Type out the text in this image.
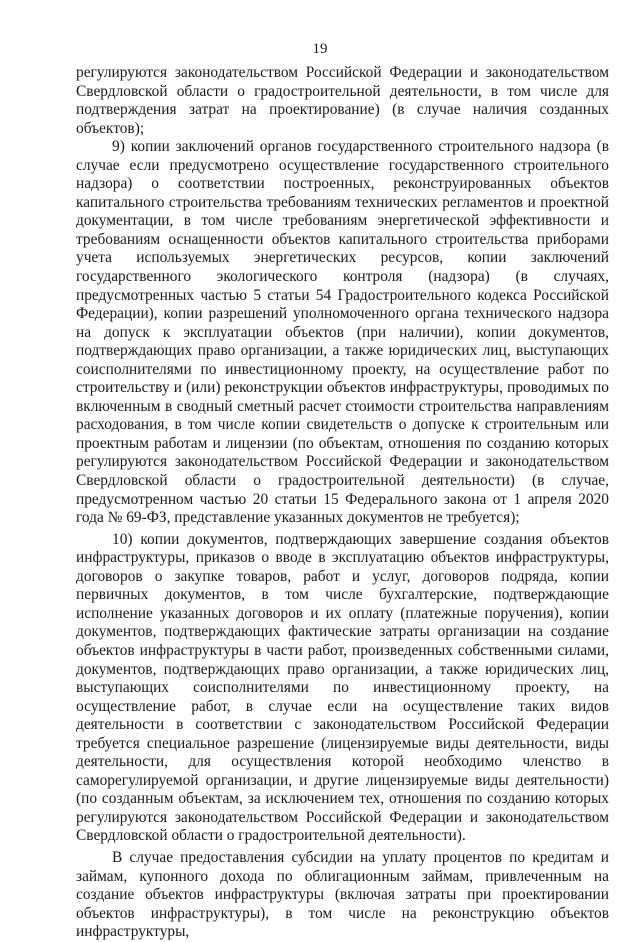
19

регулируются законодательством Российской Федерации и законодательством Свердловской области о градостроительной деятельности, в том числе для подтверждения затрат на проектирование) (в случае наличия созданных объектов);

9) копии заключений органов государственного строительного надзора (в случае если предусмотрено осуществление государственного строительного надзора) о соответствии построенных, реконструированных объектов капитального строительства требованиям технических регламентов и проектной документации, в том числе требованиям энергетической эффективности и требованиям оснащенности объектов капитального строительства приборами учета используемых энергетических ресурсов, копии заключений государственного экологического контроля (надзора) (в случаях, предусмотренных частью 5 статьи 54 Градостроительного кодекса Российской Федерации), копии разрешений уполномоченного органа технического надзора на допуск к эксплуатации объектов (при наличии), копии документов, подтверждающих право организации, а также юридических лиц, выступающих соисполнителями по инвестиционному проекту, на осуществление работ по строительству и (или) реконструкции объектов инфраструктуры, проводимых по включенным в сводный сметный расчет стоимости строительства направлениям расходования, в том числе копии свидетельств о допуске к строительным или проектным работам и лицензии (по объектам, отношения по созданию которых регулируются законодательством Российской Федерации и законодательством Свердловской области о градостроительной деятельности) (в случае, предусмотренном частью 20 статьи 15 Федерального закона от 1 апреля 2020 года № 69-ФЗ, представление указанных документов не требуется);

10) копии документов, подтверждающих завершение создания объектов инфраструктуры, приказов о вводе в эксплуатацию объектов инфраструктуры, договоров о закупке товаров, работ и услуг, договоров подряда, копии первичных документов, в том числе бухгалтерские, подтверждающие исполнение указанных договоров и их оплату (платежные поручения), копии документов, подтверждающих фактические затраты организации на создание объектов инфраструктуры в части работ, произведенных собственными силами, документов, подтверждающих право организации, а также юридических лиц, выступающих соисполнителями по инвестиционному проекту, на осуществление работ, в случае если на осуществление таких видов деятельности в соответствии с законодательством Российской Федерации требуется специальное разрешение (лицензируемые виды деятельности, виды деятельности, для осуществления которой необходимо членство в саморегулируемой организации, и другие лицензируемые виды деятельности) (по созданным объектам, за исключением тех, отношения по созданию которых регулируются законодательством Российской Федерации и законодательством Свердловской области о градостроительной деятельности).

В случае предоставления субсидии на уплату процентов по кредитам и займам, купонного дохода по облигационным займам, привлеченным на создание объектов инфраструктуры (включая затраты при проектировании объектов инфраструктуры), в том числе на реконструкцию объектов инфраструктуры,
